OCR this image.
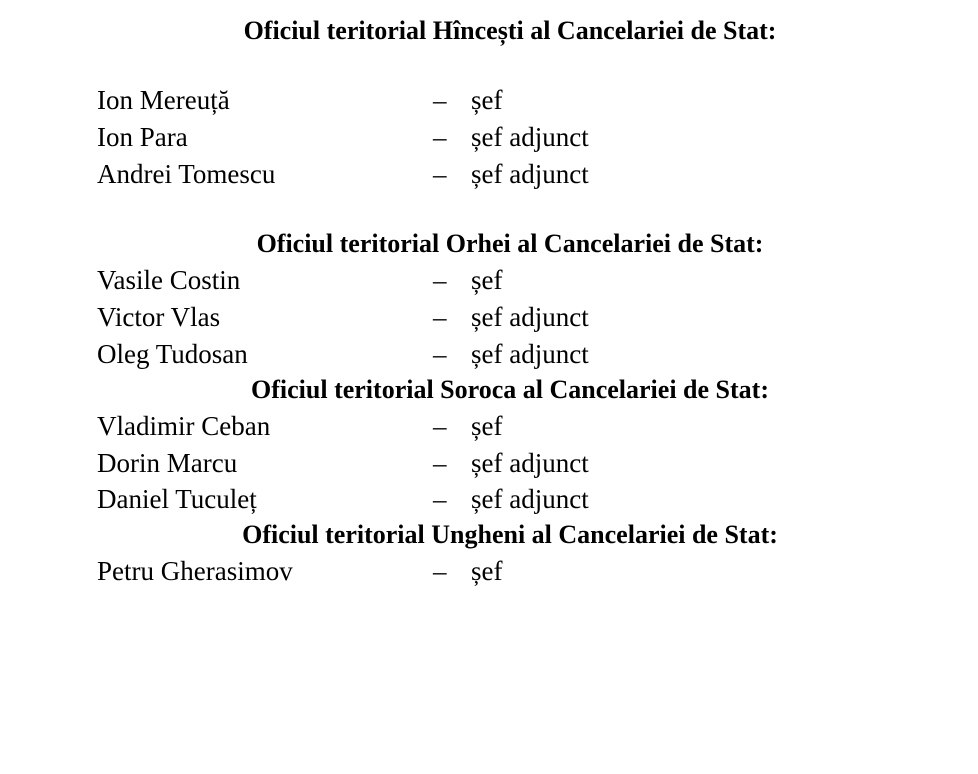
Oficiul teritorial Hîncești al Cancelariei de Stat:
Ion Mereuță	– șef
Ion Para	– șef adjunct
Andrei Tomescu	– șef adjunct
Oficiul teritorial Orhei al Cancelariei de Stat:
Vasile Costin	– șef
Victor Vlas	– șef adjunct
Oleg Tudosan	– șef adjunct
Oficiul teritorial Soroca al Cancelariei de Stat:
Vladimir Ceban	– șef
Dorin Marcu	– șef adjunct
Daniel Tuculeț	– șef adjunct
Oficiul teritorial Ungheni al Cancelariei de Stat:
Petru Gherasimov	– șef
